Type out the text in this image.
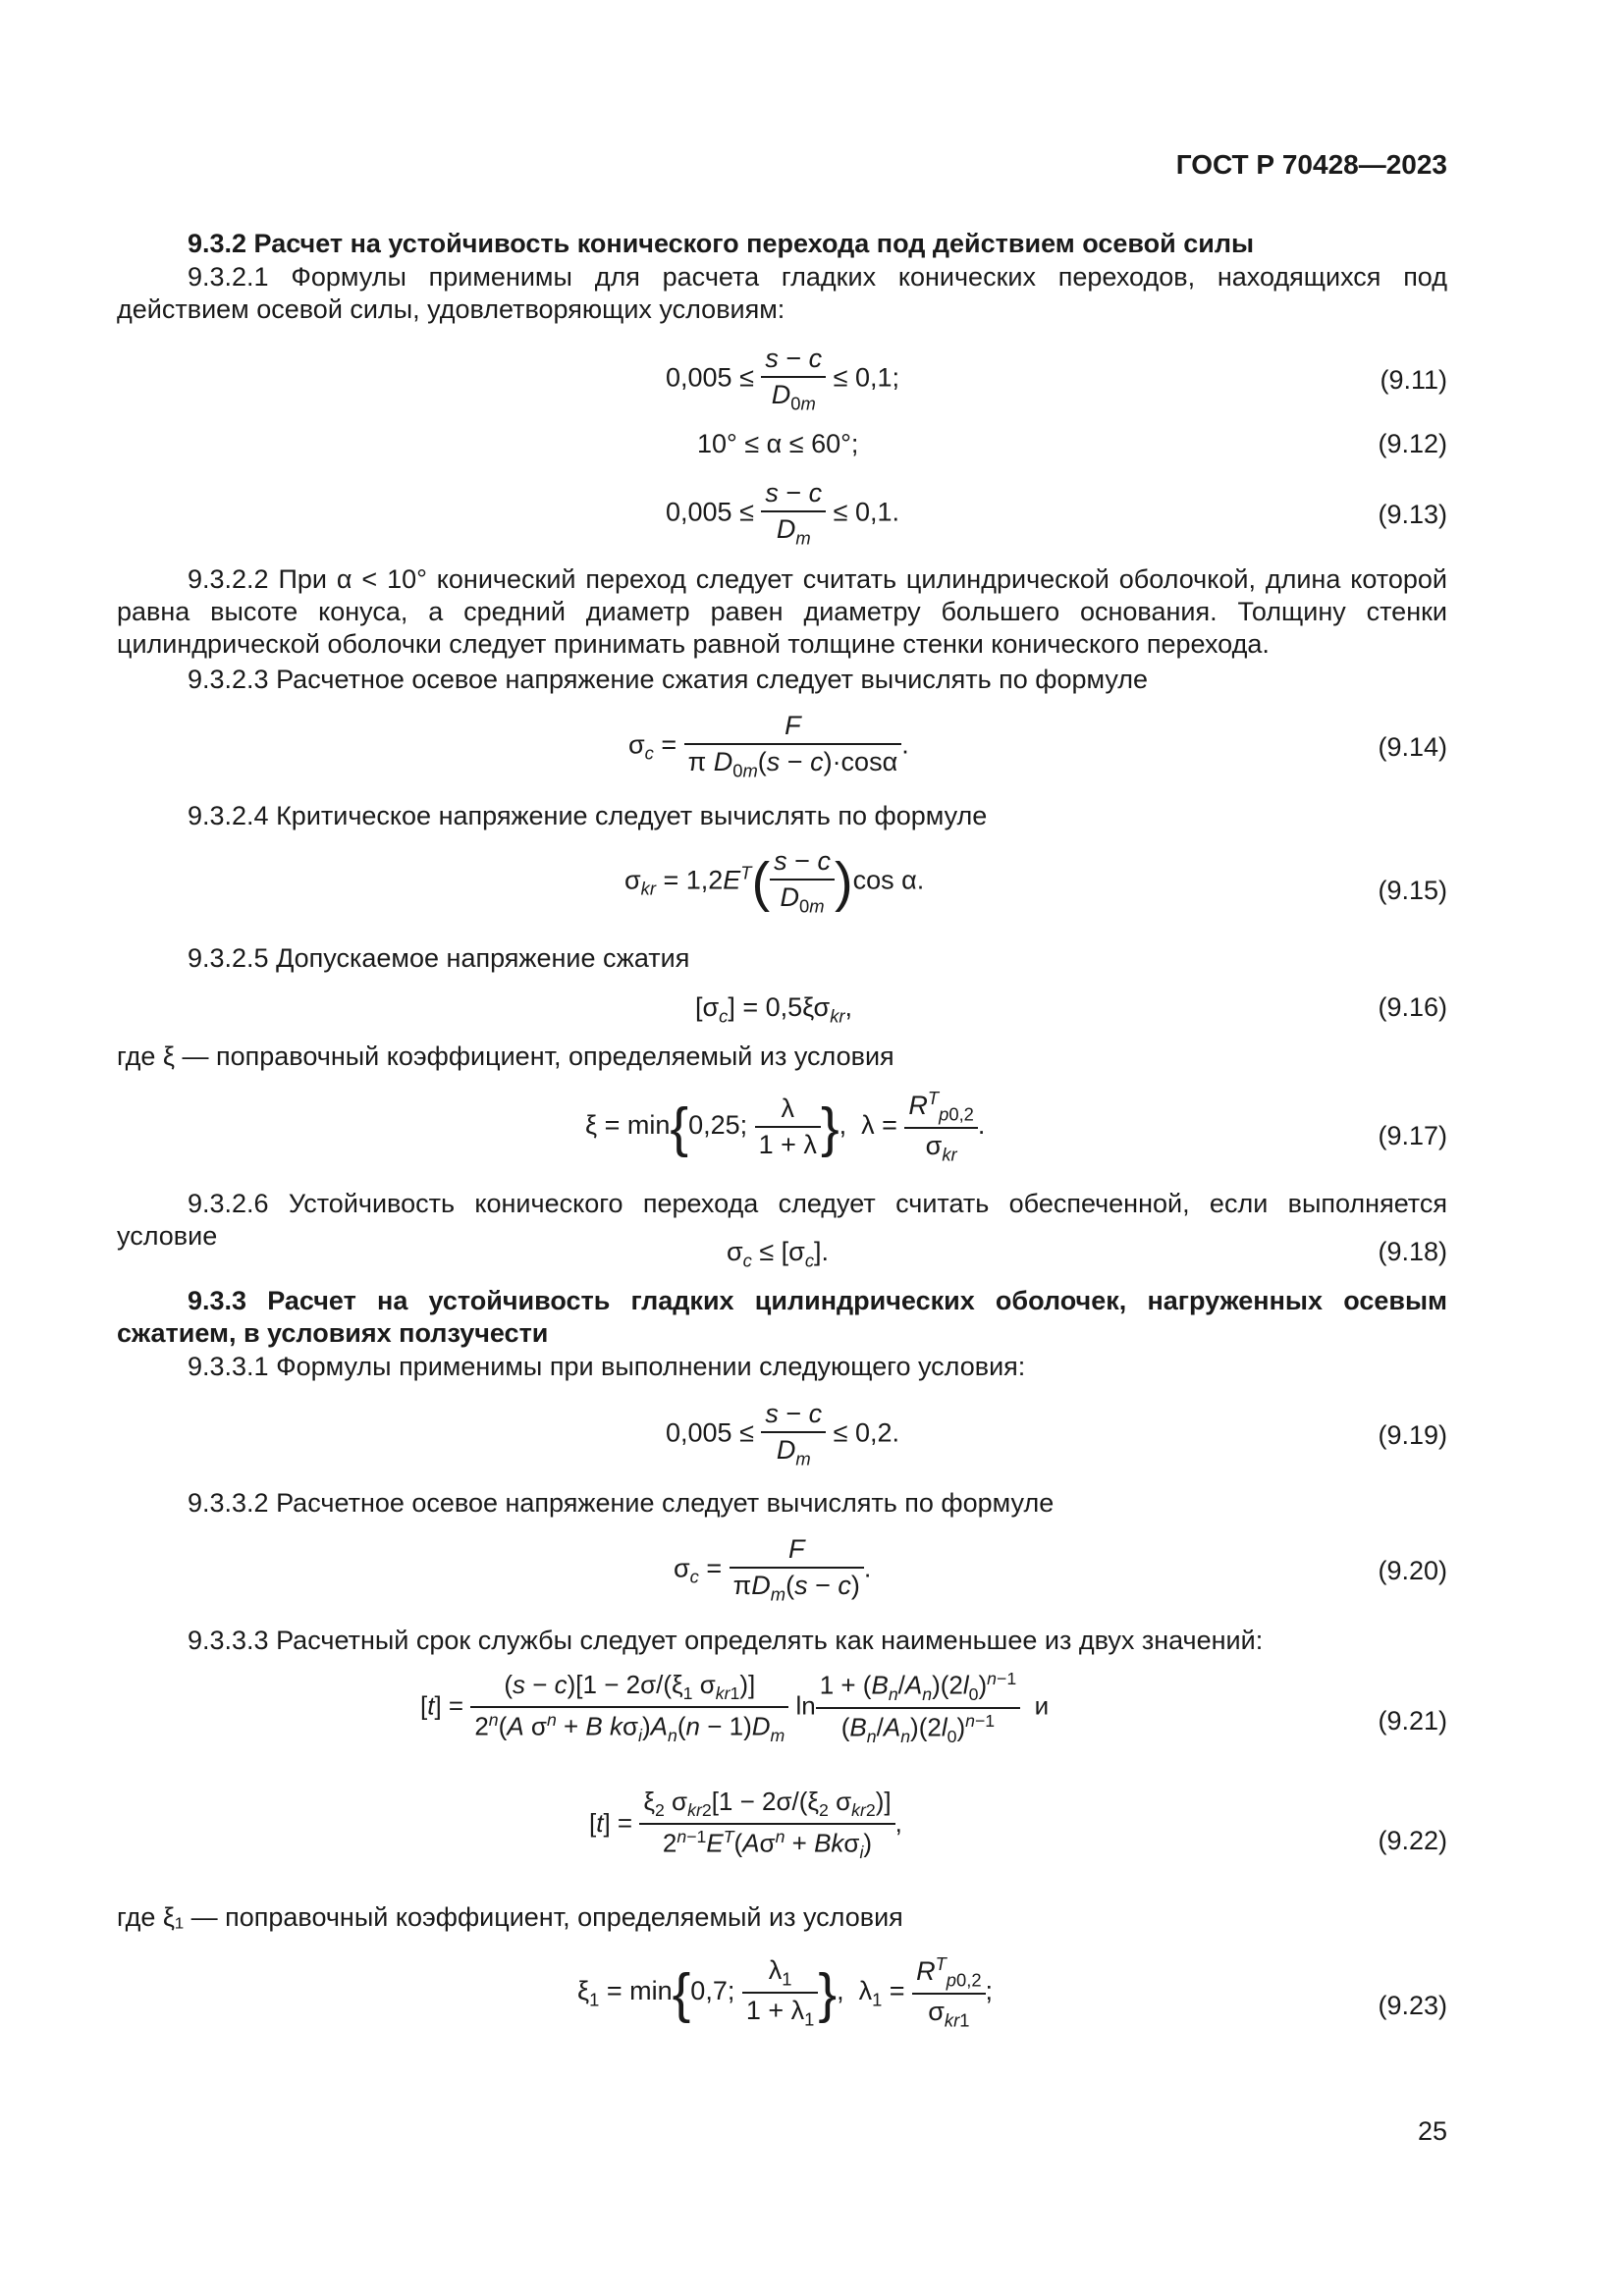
ГОСТ Р 70428—2023
9.3.2 Расчет на устойчивость конического перехода под действием осевой силы
9.3.2.1 Формулы применимы для расчета гладких конических переходов, находящихся под действием осевой силы, удовлетворяющих условиям:
$0,005 \le \frac{s - c}{D_{0m}} \le 0,1$;	(9.11)
10° ≤ α ≤ 60°;	(9.12)
$0,005 \le \frac{s - c}{D_m} \le 0,1$.	(9.13)
9.3.2.2 При α < 10° конический переход следует считать цилиндрической оболочкой, длина которой равна высоте конуса, а средний диаметр равен диаметру большего основания. Толщину стенки цилиндрической оболочки следует принимать равной толщине стенки конического перехода.
9.3.2.3 Расчетное осевое напряжение сжатия следует вычислять по формуле
$\sigma_c = \frac{F}{\pi D_{0m}(s - c)\cdot\cos\alpha}$ .	(9.14)
9.3.2.4 Критическое напряжение следует вычислять по формуле
$\sigma_{kr} = 1,2E^T( \frac{s - c}{D_{0m}} )\cos$ α.	(9.15)
9.3.2.5 Допускаемое напряжение сжатия
$[\sigma_c] = 0,5\xi\sigma_{kr}$,	(9.16)
где ξ — поправочный коэффициент, определяемый из условия
ξ = min{0,25; $\frac{\lambda}{1 + \lambda}$ },  $\lambda = \frac{R^T_{p0,2}}{\sigma_{kr}}$ .	(9.17)
9.3.2.6 Устойчивость конического перехода следует считать обеспеченной, если выполняется условие
$\sigma_c \le [\sigma_c]$.	(9.18)
9.3.3 Расчет на устойчивость гладких цилиндрических оболочек, нагруженных осевым сжатием, в условиях ползучести
9.3.3.1 Формулы применимы при выполнении следующего условия:
$0,005 \le \frac{s - c}{D_m} \le 0,2$.	(9.19)
9.3.3.2 Расчетное осевое напряжение следует вычислять по формуле
$\sigma_c = \frac{F}{\pi D_m(s - c)}$ .	(9.20)
9.3.3.3 Расчетный срок службы следует определять как наименьшее из двух значений:
$[t] = \frac{(s - c)[1 - 2\sigma/(\xi_1 \sigma_{kr1})]}{2^n(A \sigma^n + B k\sigma_i)A_n(n - 1)D_m}$ $\ln \frac{1 + (B_n/A_n)(2l_0)^{n-1}}{(B_n/A_n)(2l_0)^{n-1}}$ и
(9.21)
$[t] = \frac{\xi_2 \sigma_{kr2}[1 - 2\sigma/(\xi_2 \sigma_{kr2})]}{2^{n-1}E^T(A\sigma^n + Bk\sigma_i)}$ ,
(9.22)
где ξ₁ — поправочный коэффициент, определяемый из условия
$\xi_1 = \min\{0,7$; $\frac{\lambda_1}{1 + \lambda_1}$ },  $\lambda_1 = \frac{R^T_{p0,2}}{\sigma_{kr1}}$ ;	(9.23)
25
